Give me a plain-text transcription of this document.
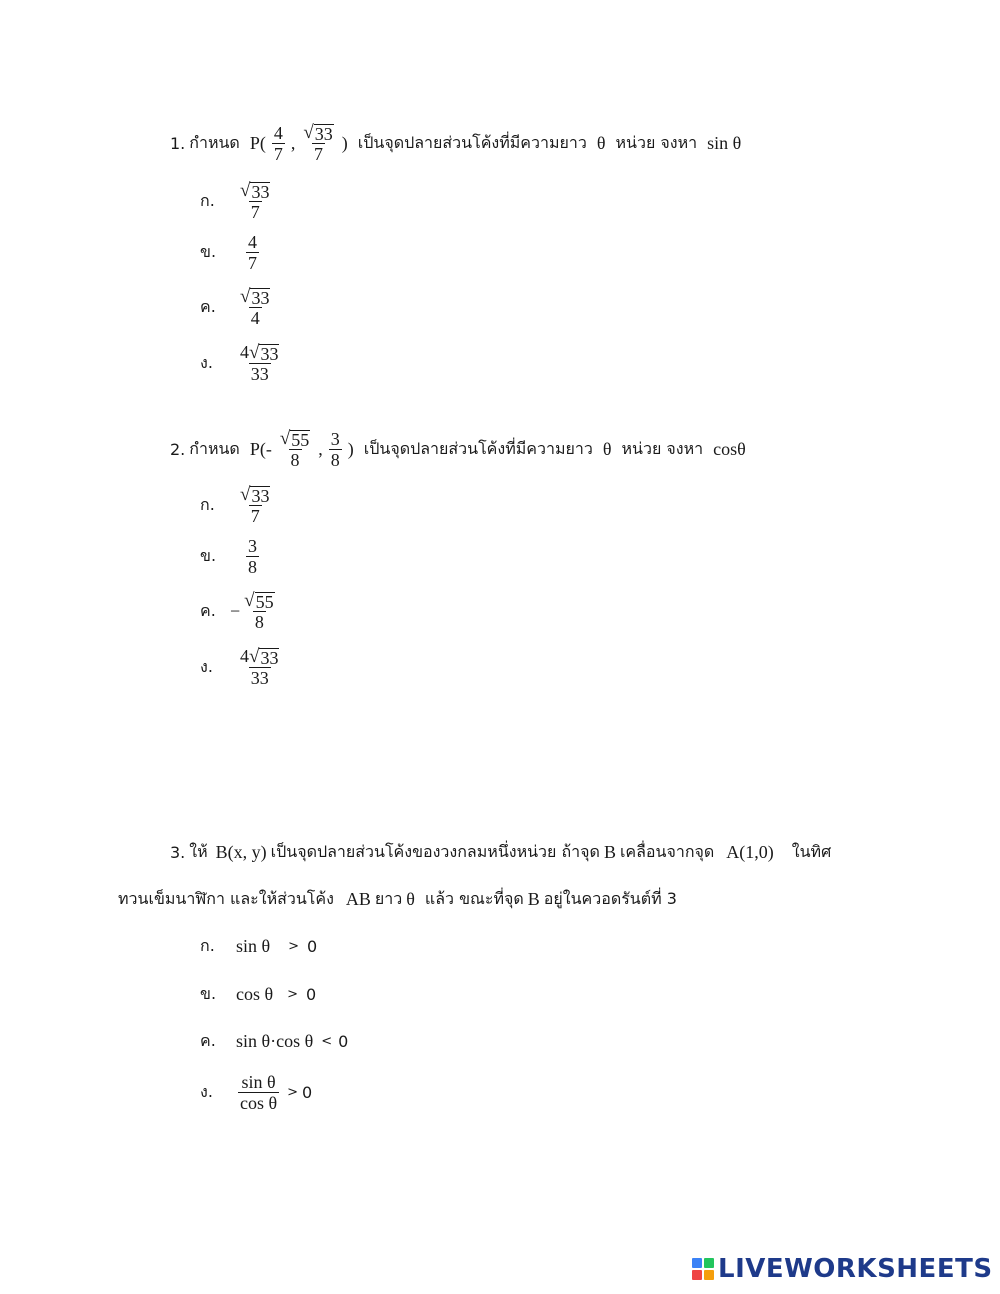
1. กำหนด $P( \frac{4}{7}$ , $\frac{√ 33}{7}$ ) เป็นจุดปลายส่วนโค้งที่มีความยาว θ หน่วย จงหา sin θ
ก.	$\frac{√ 33}{7}$
ข.	$\frac{4}{7}$
ค.	$\frac{√ 33}{4}$
ง.	$\frac{4 √ 33}{33}$
2. กำหนด $P(- \frac{√ 55}{8}$ , $\frac{3}{8}$ ) เป็นจุดปลายส่วนโค้งที่มีความยาว θ หน่วย จงหา cosθ
ก.	$\frac{√ 33}{7}$
ข.	$\frac{3}{8}$
ค. − $\frac{√ 55}{8}$
ง.	$\frac{4 √ 33}{33}$
3. ให้ B(x, y) เป็นจุดปลายส่วนโค้งของวงกลมหนึ่งหน่วย ถ้าจุด B เคลื่อนจากจุด A(1,0) ในทิศ
ทวนเข็มนาฬิกา และให้ส่วนโค้ง AB ยาว θ แล้ว ขณะที่จุด B อยู่ในควอดรันต์ที่ 3
ก.	sin θ > 0
ข.	cos θ > 0
ค.	sin θ·cos θ < 0
ง.	$\frac{\text{sin θ}}{\text{cos θ}} > 0$
LIVEWORKSHEETS
